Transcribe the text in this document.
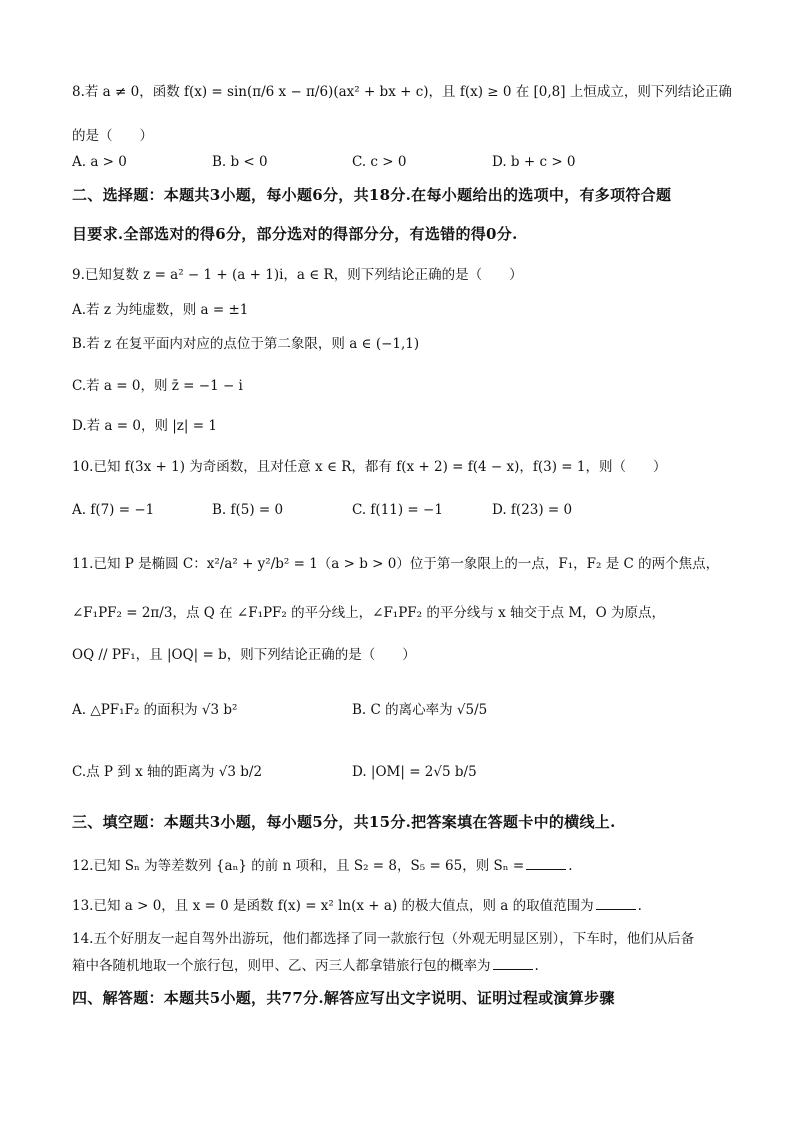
8.若 a ≠ 0，函数 f(x) = sin(π/6 x − π/6)(ax² + bx + c)，且 f(x) ≥ 0 在 [0,8] 上恒成立，则下列结论正确
的是（　　）
A. a > 0	B. b < 0	C. c > 0	D. b + c > 0
二、选择题：本题共3小题，每小题6分，共18分.在每小题给出的选项中，有多项符合题
目要求.全部选对的得6分，部分选对的得部分分，有选错的得0分.
9.已知复数 z = a² − 1 + (a + 1)i，a ∈ R，则下列结论正确的是（　　）
A.若 z 为纯虚数，则 a = ±1
B.若 z 在复平面内对应的点位于第二象限，则 a ∈ (−1,1)
C.若 a = 0，则 z̄ = −1 − i
D.若 a = 0，则 |z| = 1
10.已知 f(3x + 1) 为奇函数，且对任意 x ∈ R，都有 f(x + 2) = f(4 − x)，f(3) = 1，则（　　）
A. f(7) = −1	B. f(5) = 0	C. f(11) = −1	D. f(23) = 0
11.已知 P 是椭圆 C：x²/a² + y²/b² = 1（a > b > 0）位于第一象限上的一点，F₁，F₂ 是 C 的两个焦点，
∠F₁PF₂ = 2π/3，点 Q 在 ∠F₁PF₂ 的平分线上，∠F₁PF₂ 的平分线与 x 轴交于点 M，O 为原点，
OQ // PF₁，且 |OQ| = b，则下列结论正确的是（　　）
A. △PF₁F₂ 的面积为 √3 b²	B. C 的离心率为 √5/5
C.点 P 到 x 轴的距离为 √3 b/2	D. |OM| = 2√5 b/5
三、填空题：本题共3小题，每小题5分，共15分.把答案填在答题卡中的横线上.
12.已知 Sₙ 为等差数列 {aₙ} 的前 n 项和，且 S₂ = 8，S₅ = 65，则 Sₙ =	.
13.已知 a > 0，且 x = 0 是函数 f(x) = x² ln(x + a) 的极大值点，则 a 的取值范围为	.
14.五个好朋友一起自驾外出游玩，他们都选择了同一款旅行包（外观无明显区别），下车时，他们从后备
箱中各随机地取一个旅行包，则甲、乙、丙三人都拿错旅行包的概率为	.
四、解答题：本题共5小题，共77分.解答应写出文字说明、证明过程或演算步骤
